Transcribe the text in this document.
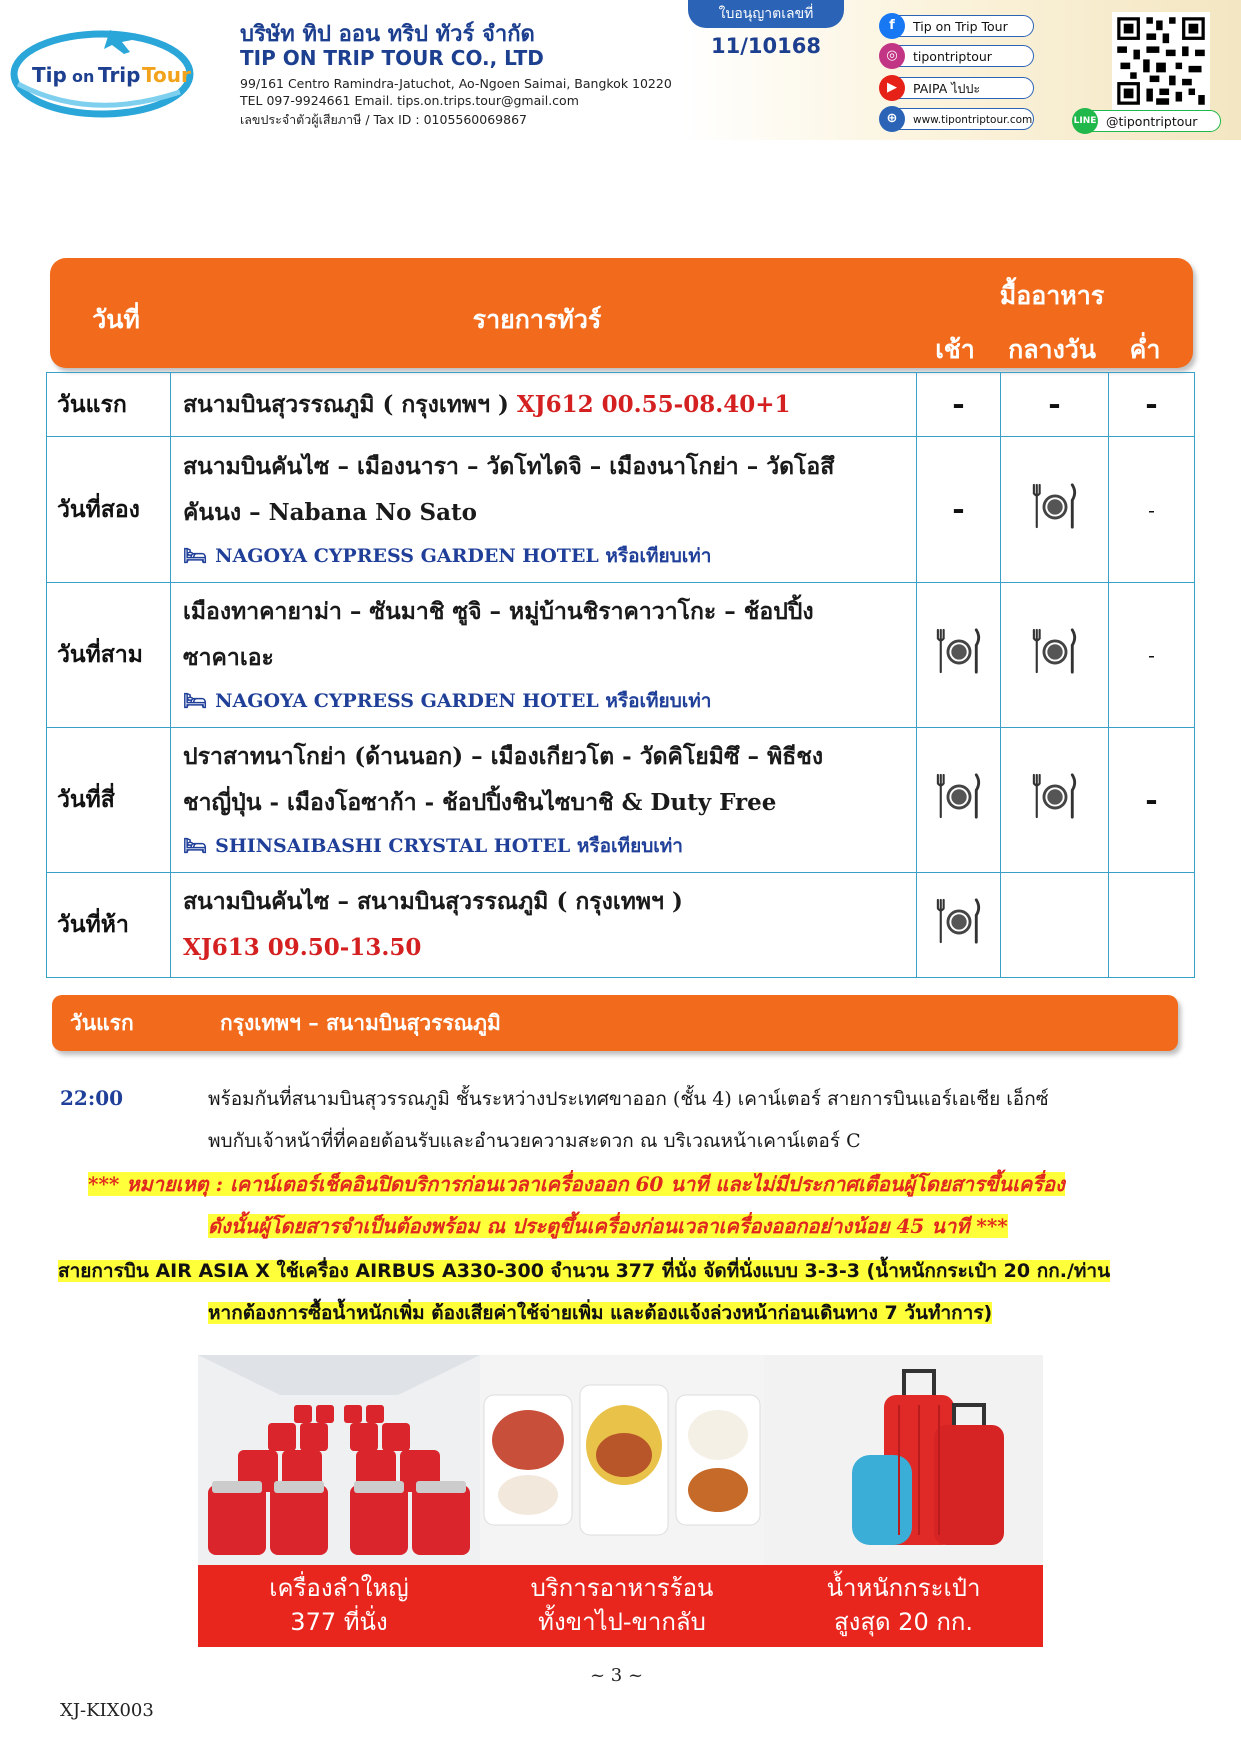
Tip on Trip Tour
บริษัท ทิป ออน ทริป ทัวร์ จำกัด
TIP ON TRIP TOUR CO., LTD
99/161 Centro Ramindra-Jatuchot, Ao-Ngoen Saimai, Bangkok 10220
TEL 097-9924661 Email. tips.on.trips.tour@gmail.com
เลขประจำตัวผู้เสียภาษี / Tax ID : 0105560069867
ใบอนุญาตเลขที่
11/10168
f	Tip on Trip Tour
◎	tipontriptour
▶	PAIPA ไปปะ
⊕	www.tipontriptour.com	LINE @tipontriptour
วันที่	รายการทัวร์
มื้ออาหาร
เช้า	กลางวัน	ค่ำ
วันแรก	สนามบินสุวรรณภูมิ ( กรุงเทพฯ ) XJ612 00.55-08.40+1	-	-	-
วันที่สอง	สนามบินคันไซ – เมืองนารา – วัดโทไดจิ – เมืองนาโกย่า – วัดโอสึ
คันนง – Nabana No Sato
🛏 NAGOYA CYPRESS GARDEN HOTEL หรือเทียบเท่า	-		-
วันที่สาม	เมืองทาคายาม่า – ซันมาชิ ซูจิ – หมู่บ้านชิราคาวาโกะ – ช้อปปิ้ง
ซาคาเอะ
🛏 NAGOYA CYPRESS GARDEN HOTEL หรือเทียบเท่า			-
วันที่สี่	ปราสาทนาโกย่า (ด้านนอก) – เมืองเกียวโต - วัดคิโยมิซึ – พิธีชง
ชาญี่ปุ่น - เมืองโอซาก้า - ช้อปปิ้งชินไซบาชิ & Duty Free
🛏 SHINSAIBASHI CRYSTAL HOTEL หรือเทียบเท่า			-
วันที่ห้า	สนามบินคันไซ – สนามบินสุวรรณภูมิ ( กรุงเทพฯ )
XJ613 09.50-13.50

วันแรก	กรุงเทพฯ – สนามบินสุวรรณภูมิ
22:00	พร้อมกันที่สนามบินสุวรรณภูมิ ชั้นระหว่างประเทศขาออก (ชั้น 4) เคาน์เตอร์ สายการบินแอร์เอเชีย เอ็กซ์
พบกับเจ้าหน้าที่ที่คอยต้อนรับและอำนวยความสะดวก ณ บริเวณหน้าเคาน์เตอร์ C
*** หมายเหตุ : เคาน์เตอร์เช็คอินปิดบริการก่อนเวลาเครื่องออก 60 นาที และไม่มีประกาศเตือนผู้โดยสารขึ้นเครื่อง
ดังนั้นผู้โดยสารจำเป็นต้องพร้อม ณ ประตูขึ้นเครื่องก่อนเวลาเครื่องออกอย่างน้อย 45 นาที ***
สายการบิน AIR ASIA X ใช้เครื่อง AIRBUS A330-300 จำนวน 377 ที่นั่ง จัดที่นั่งแบบ 3-3-3 (น้ำหนักกระเป๋า 20 กก./ท่าน
หากต้องการซื้อน้ำหนักเพิ่ม ต้องเสียค่าใช้จ่ายเพิ่ม และต้องแจ้งล่วงหน้าก่อนเดินทาง 7 วันทำการ)
เครื่องลำใหญ่
377 ที่นั่ง
บริการอาหารร้อน
ทั้งขาไป-ขากลับ
น้ำหนักกระเป๋า
สูงสุด 20 กก.
~ 3 ~
XJ-KIX003
